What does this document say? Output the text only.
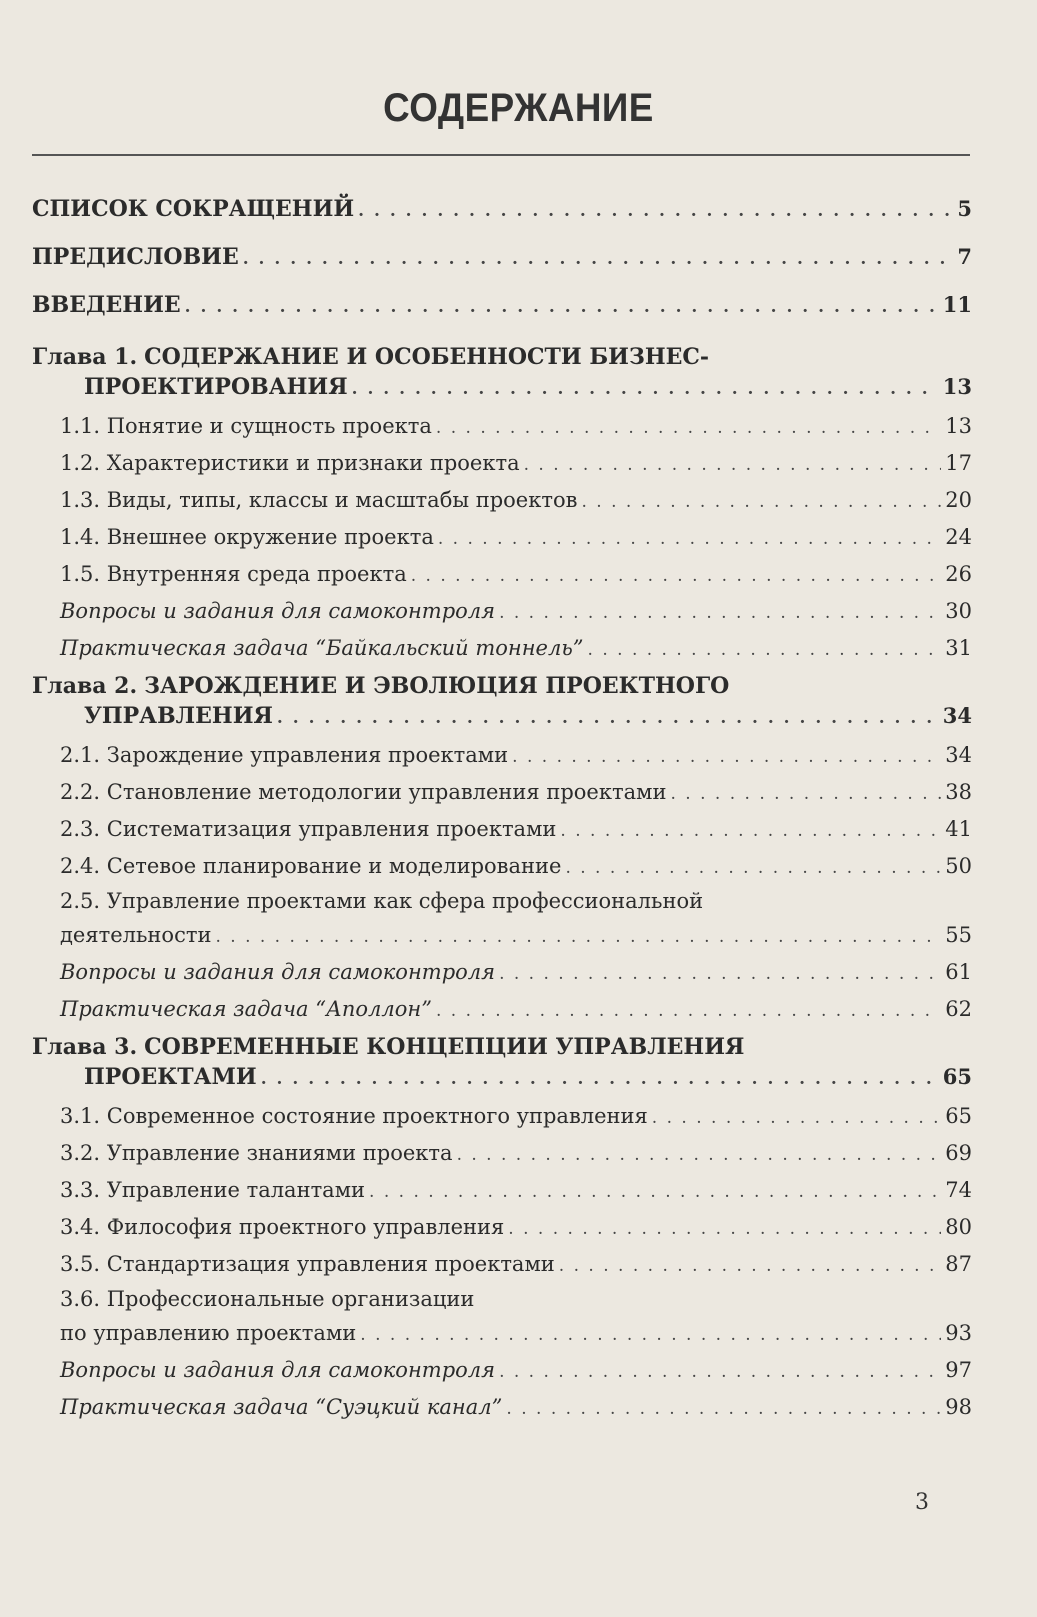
СОДЕРЖАНИЕ
СПИСОК СОКРАЩЕНИЙ . . .	5
ПРЕДИСЛОВИЕ . . .	7
ВВЕДЕНИЕ . . .	11
Глава 1. СОДЕРЖАНИЕ И ОСОБЕННОСТИ БИЗНЕС-
ПРОЕКТИРОВАНИЯ . . .	13
1.1. Понятие и сущность проекта . . .	13
1.2. Характеристики и признаки проекта . . .	17
1.3. Виды, типы, классы и масштабы проектов . . .	20
1.4. Внешнее окружение проекта . . .	24
1.5. Внутренняя среда проекта . . .	26
Вопросы и задания для самоконтроля . . .	30
Практическая задача “Байкальский тоннель” . . .	31
Глава 2. ЗАРОЖДЕНИЕ И ЭВОЛЮЦИЯ ПРОЕКТНОГО
УПРАВЛЕНИЯ . . .	34
2.1. Зарождение управления проектами . . .	34
2.2. Становление методологии управления проектами . . .	38
2.3. Систематизация управления проектами . . .	41
2.4. Сетевое планирование и моделирование . . .	50
2.5. Управление проектами как сфера профессиональной
деятельности . . .	55
Вопросы и задания для самоконтроля . . .	61
Практическая задача “Аполлон” . . .	62
Глава 3. СОВРЕМЕННЫЕ КОНЦЕПЦИИ УПРАВЛЕНИЯ
ПРОЕКТАМИ . . .	65
3.1. Современное состояние проектного управления . . .	65
3.2. Управление знаниями проекта . . .	69
3.3. Управление талантами . . .	74
3.4. Философия проектного управления . . .	80
3.5. Стандартизация управления проектами . . .	87
3.6. Профессиональные организации
по управлению проектами . . .	93
Вопросы и задания для самоконтроля . . .	97
Практическая задача “Суэцкий канал” . . .	98
3
